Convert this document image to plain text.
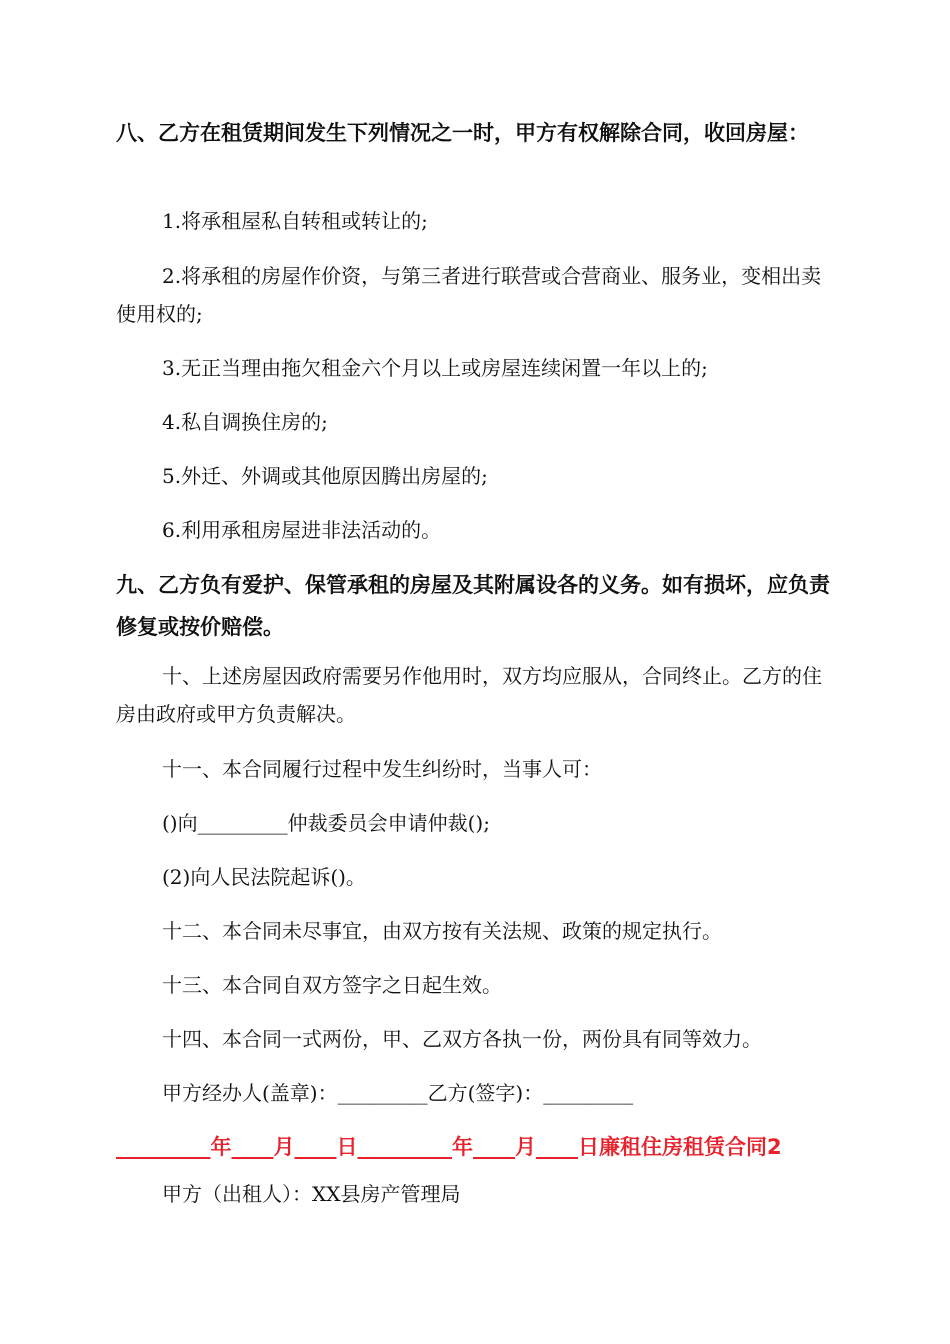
八、乙方在租赁期间发生下列情况之一时，甲方有权解除合同，收回房屋：

1.将承租屋私自转租或转让的;

2.将承租的房屋作价资，与第三者进行联营或合营商业、服务业，变相出卖使用权的;

3.无正当理由拖欠租金六个月以上或房屋连续闲置一年以上的;

4.私自调换住房的;

5.外迁、外调或其他原因腾出房屋的;

6.利用承租房屋进非法活动的。

九、乙方负有爱护、保管承租的房屋及其附属设各的义务。如有损坏，应负责修复或按价赔偿。

十、上述房屋因政府需要另作他用时，双方均应服从，合同终止。乙方的住房由政府或甲方负责解决。

十一、本合同履行过程中发生纠纷时，当事人可：

()向_________仲裁委员会申请仲裁();

(2)向人民法院起诉()。

十二、本合同未尽事宜，由双方按有关法规、政策的规定执行。

十三、本合同自双方签字之日起生效。

十四、本合同一式两份，甲、乙双方各执一份，两份具有同等效力。

甲方经办人(盖章)：_________乙方(签字)：_________

_________年____月____日_________年____月____日廉租住房租赁合同2

甲方（出租人）：XX县房产管理局
